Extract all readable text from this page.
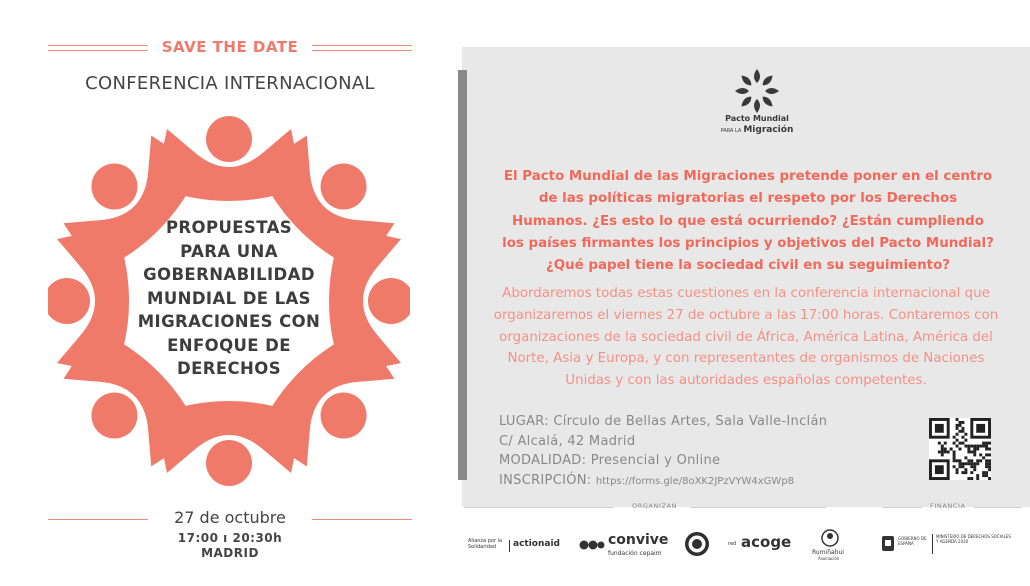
SAVE THE DATE
CONFERENCIA INTERNACIONAL
PROPUESTAS
PARA UNA
GOBERNABILIDAD
MUNDIAL DE LAS
MIGRACIONES CON
ENFOQUE DE
DERECHOS
27 de octubre
17:00 ı 20:30h
MADRID
Pacto Mundial
PARA LA Migración
El Pacto Mundial de las Migraciones pretende poner en el centro de las políticas migratorias el respeto por los Derechos Humanos. ¿Es esto lo que está ocurriendo? ¿Están cumpliendo los países firmantes los principios y objetivos del Pacto Mundial? ¿Qué papel tiene la sociedad civil en su seguimiento?
Abordaremos todas estas cuestiones en la conferencia internacional que organizaremos el viernes 27 de octubre a las 17:00 horas. Contaremos con organizaciones de la sociedad civil de África, América Latina, América del Norte, Asia y Europa, y con representantes de organismos de Naciones Unidas y con las autoridades españolas competentes.
LUGAR: Círculo de Bellas Artes, Sala Valle-Inclán
C/ Alcalá, 42 Madrid
MODALIDAD: Presencial y Online
INSCRIPCIÓN: https://forms.gle/8oXK2JPzVYW4xGWp8
ORGANIZAN	FINANCIA
Alianza por la Solidaridad	actionaid	convive
fundación cepaim
red acoge
Rumiñahui
Asociación
GOBIERNO DE ESPAÑA
MINISTERIO DE DERECHOS SOCIALES Y AGENDA 2030
